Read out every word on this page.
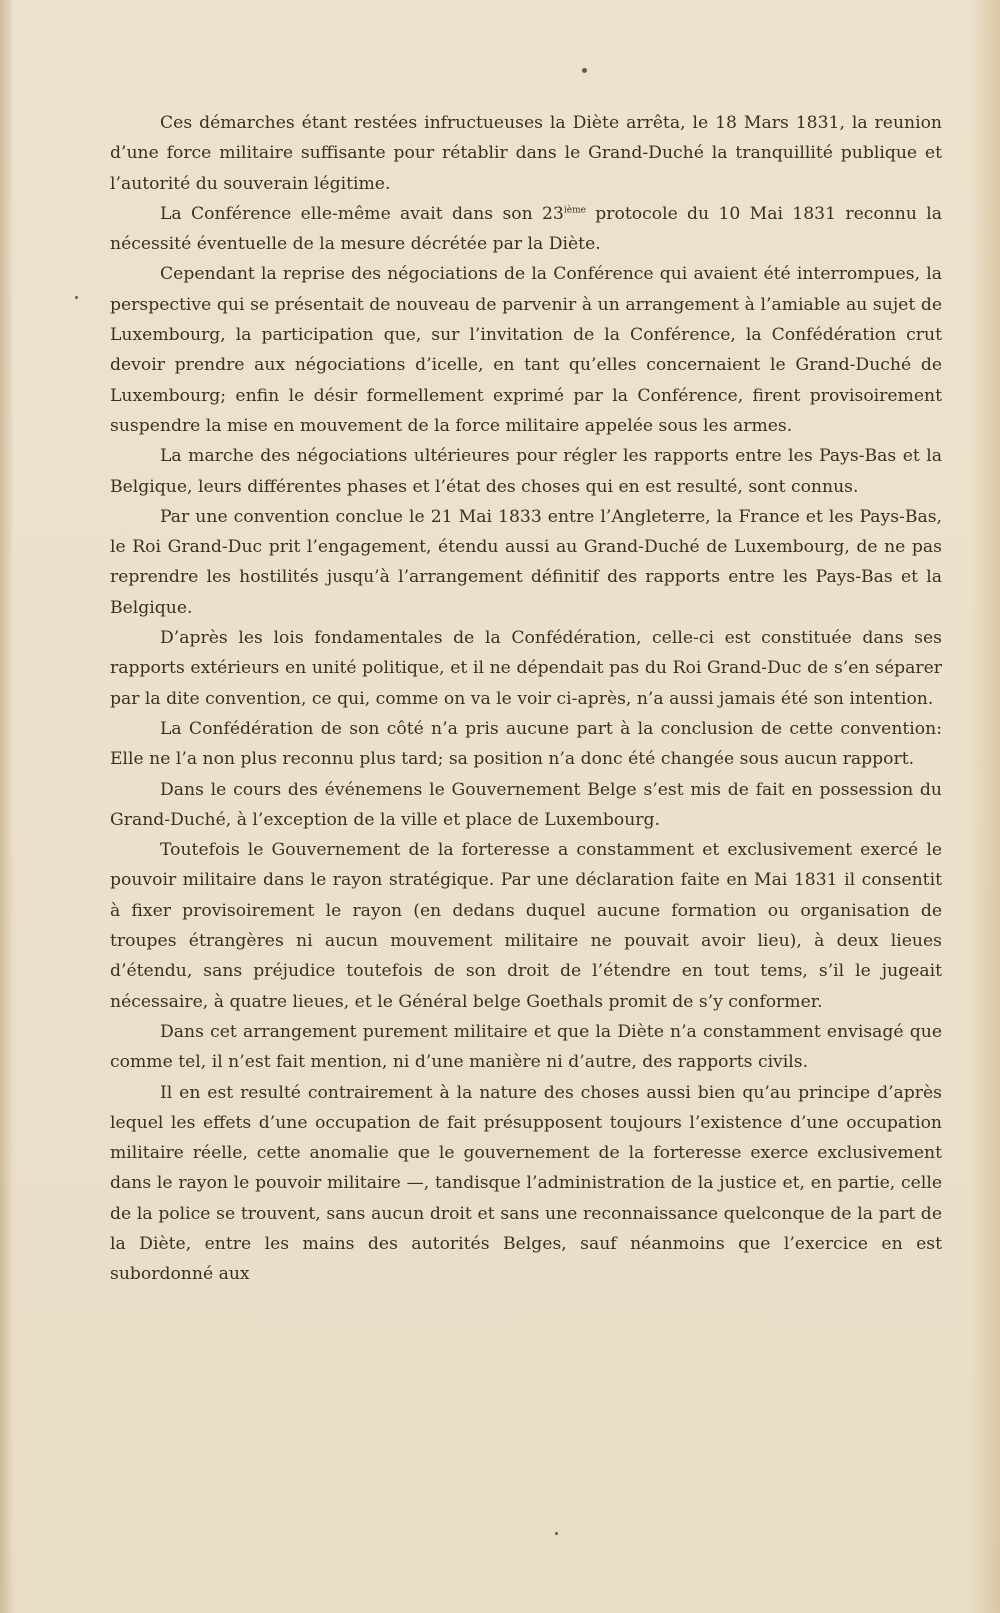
Ces démarches étant restées infructueuses la Diète arrêta, le 18 Mars 1831, la reunion d’une force militaire suffisante pour rétablir dans le Grand-Duché la tranquillité publique et l’autorité du souverain légitime.

La Conférence elle-même avait dans son 23ième protocole du 10 Mai 1831 reconnu la nécessité éventuelle de la mesure décrétée par la Diète.

Cependant la reprise des négociations de la Conférence qui avaient été interrompues, la perspective qui se présentait de nouveau de parvenir à un arrangement à l’amiable au sujet de Luxembourg, la participation que, sur l’invitation de la Conférence, la Confédération crut devoir prendre aux négociations d’icelle, en tant qu’elles concernaient le Grand-Duché de Luxembourg; enfin le désir formellement exprimé par la Conférence, firent provisoirement suspendre la mise en mouvement de la force militaire appelée sous les armes.

La marche des négociations ultérieures pour régler les rapports entre les Pays-Bas et la Belgique, leurs différentes phases et l’état des choses qui en est resulté, sont connus.

Par une convention conclue le 21 Mai 1833 entre l’Angleterre, la France et les Pays-Bas, le Roi Grand-Duc prit l’engagement, étendu aussi au Grand-Duché de Luxembourg, de ne pas reprendre les hostilités jusqu’à l’arrangement définitif des rapports entre les Pays-Bas et la Belgique.

D’après les lois fondamentales de la Confédération, celle-ci est constituée dans ses rapports extérieurs en unité politique, et il ne dépendait pas du Roi Grand-Duc de s’en séparer par la dite convention, ce qui, comme on va le voir ci-après, n’a aussi jamais été son intention.

La Confédération de son côté n’a pris aucune part à la conclusion de cette convention: Elle ne l’a non plus reconnu plus tard; sa position n’a donc été changée sous aucun rapport.

Dans le cours des événemens le Gouvernement Belge s’est mis de fait en possession du Grand-Duché, à l’exception de la ville et place de Luxembourg.

Toutefois le Gouvernement de la forteresse a constamment et exclusivement exercé le pouvoir militaire dans le rayon stratégique. Par une déclaration faite en Mai 1831 il consentit à fixer provisoirement le rayon (en dedans duquel aucune formation ou organisation de troupes étrangères ni aucun mouvement militaire ne pouvait avoir lieu), à deux lieues d’étendu, sans préjudice toutefois de son droit de l’étendre en tout tems, s’il le jugeait nécessaire, à quatre lieues, et le Général belge Goethals promit de s’y conformer.

Dans cet arrangement purement militaire et que la Diète n’a constamment envisagé que comme tel, il n’est fait mention, ni d’une manière ni d’autre, des rapports civils.

Il en est resulté contrairement à la nature des choses aussi bien qu’au principe d’après lequel les effets d’une occupation de fait présupposent toujours l’existence d’une occupation militaire réelle, cette anomalie que le gouvernement de la forteresse exerce exclusivement dans le rayon le pouvoir militaire —, tandisque l’administration de la justice et, en partie, celle de la police se trouvent, sans aucun droit et sans une reconnaissance quelconque de la part de la Diète, entre les mains des autorités Belges, sauf néanmoins que l’exercice en est subordonné aux
